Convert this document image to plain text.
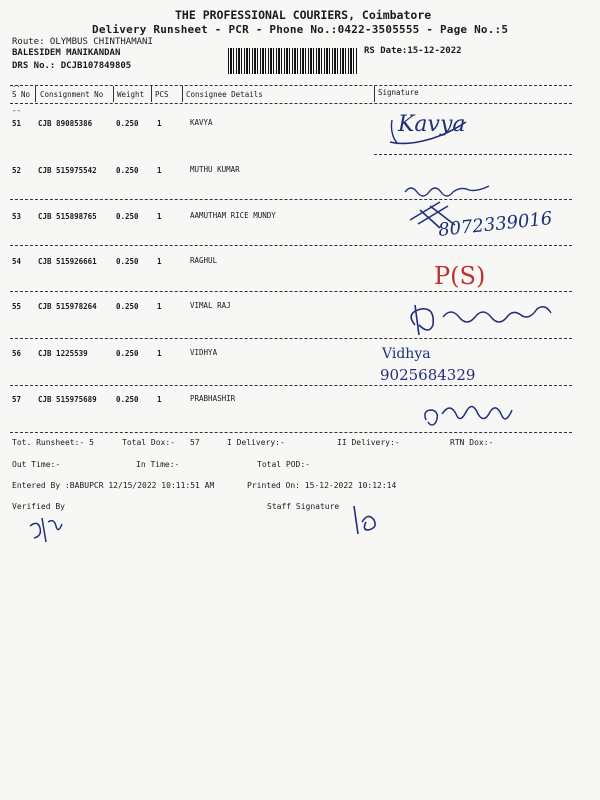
THE PROFESSIONAL COURIERS, Coimbatore
Delivery Runsheet - PCR - Phone No.:0422-3505555 - Page No.:5
Route: OLYMBUS CHINTHAMANI
BALESIDEM MANIKANDAN
DRS No.: DCJB107849805
RS Date:15-12-2022
..
S No Consignment No Weight PCS Consignee Details	Signature
--
51 CJB 89085386	0.250 1	KAVYA
52 CJB 515975542	0.250 1	MUTHU KUMAR
53 CJB 515898765	0.250 1	AAMUTHAM RICE MUNDY
54 CJB 515926661	0.250 1	RAGHUL
55 CJB 515978264	0.250 1	VIMAL RAJ
56 CJB 1225539	0.250 1	VIDHYA
57 CJB 515975689	0.250 1	PRABHASHIR
Kavya
8072339016
P(S)
Vidhya
9025684329
Tot. Runsheet:- 5	Total Dox:- 57	I Delivery:-	II Delivery:-	RTN Dox:-
Out Time:-	In Time:-	Total POD:-
Entered By :BABUPCR 12/15/2022 10:11:51 AM	Printed On: 15-12-2022 10:12:14
Verified By	Staff Signature
